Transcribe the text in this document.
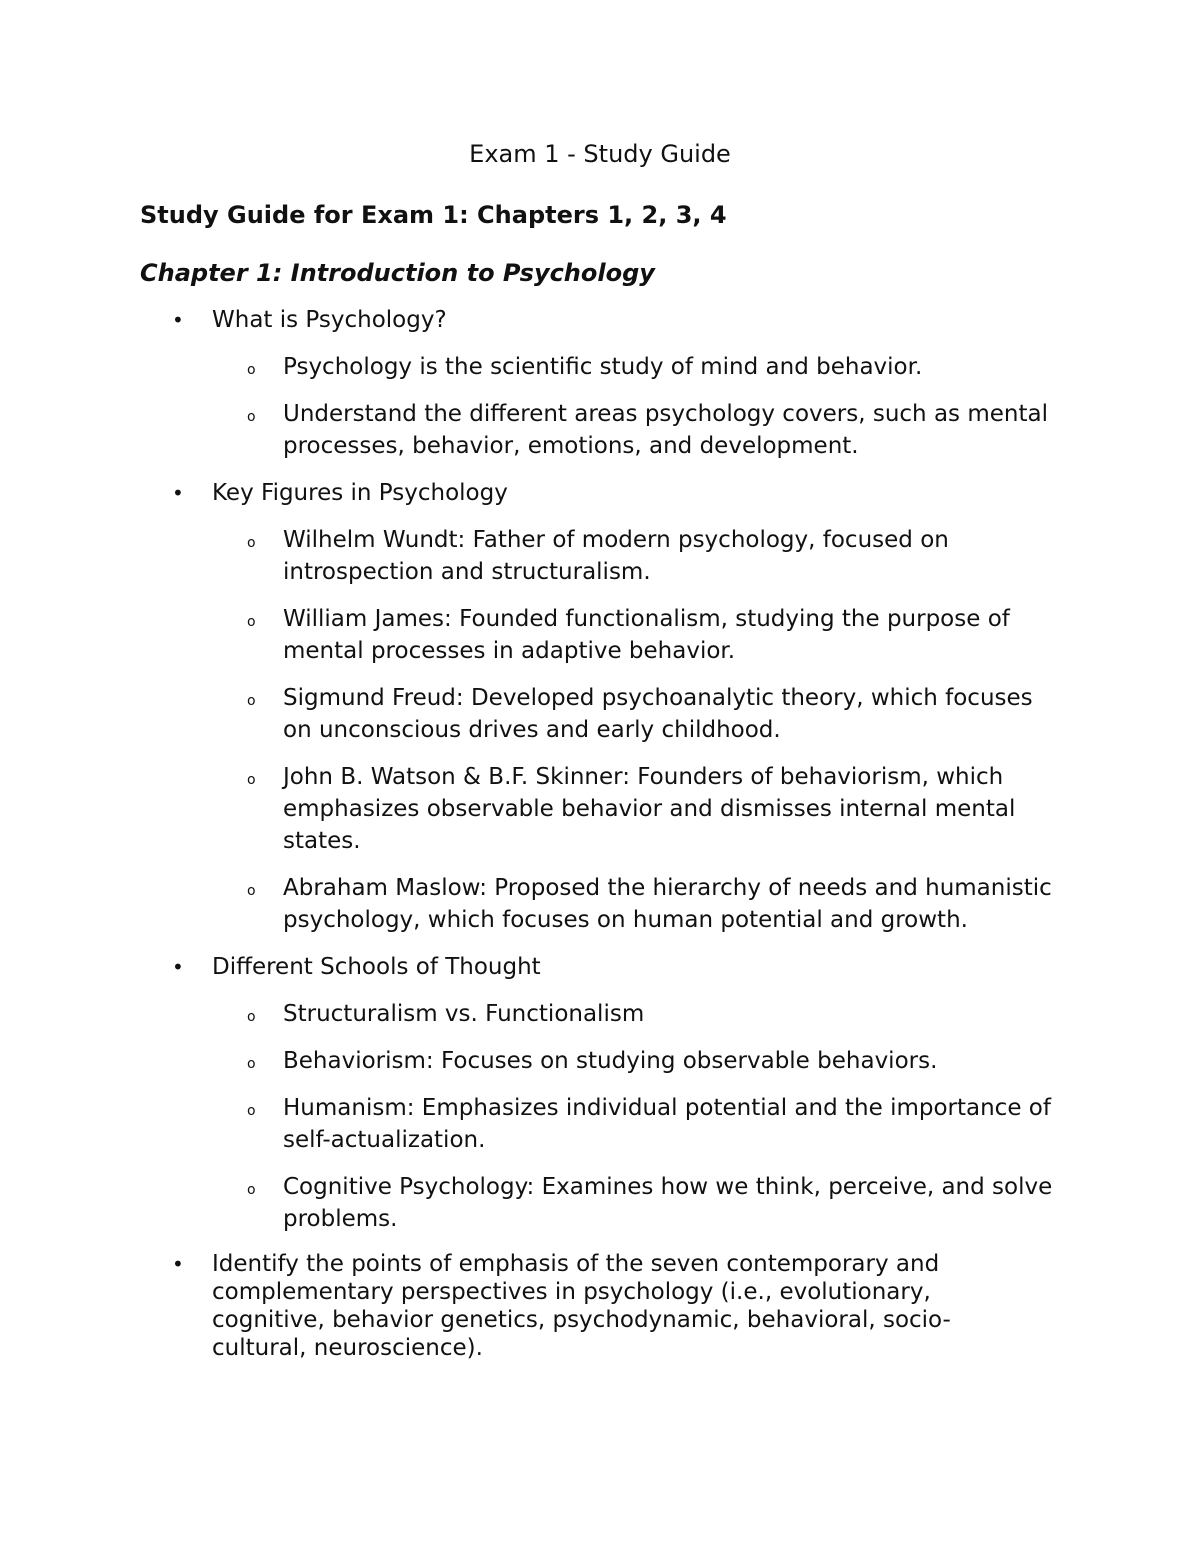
Exam 1 - Study Guide
Study Guide for Exam 1: Chapters 1, 2, 3, 4
Chapter 1: Introduction to Psychology
• What is Psychology?
o Psychology is the scientific study of mind and behavior.
o Understand the different areas psychology covers, such as mental processes, behavior, emotions, and development.
• Key Figures in Psychology
o Wilhelm Wundt: Father of modern psychology, focused on introspection and structuralism.
o William James: Founded functionalism, studying the purpose of mental processes in adaptive behavior.
o Sigmund Freud: Developed psychoanalytic theory, which focuses on unconscious drives and early childhood.
o John B. Watson & B.F. Skinner: Founders of behaviorism, which emphasizes observable behavior and dismisses internal mental states.
o Abraham Maslow: Proposed the hierarchy of needs and humanistic psychology, which focuses on human potential and growth.
• Different Schools of Thought
o Structuralism vs. Functionalism
o Behaviorism: Focuses on studying observable behaviors.
o Humanism: Emphasizes individual potential and the importance of self-actualization.
o Cognitive Psychology: Examines how we think, perceive, and solve problems.
• Identify the points of emphasis of the seven contemporary and complementary perspectives in psychology (i.e., evolutionary, cognitive, behavior genetics, psychodynamic, behavioral, socio-cultural, neuroscience).
